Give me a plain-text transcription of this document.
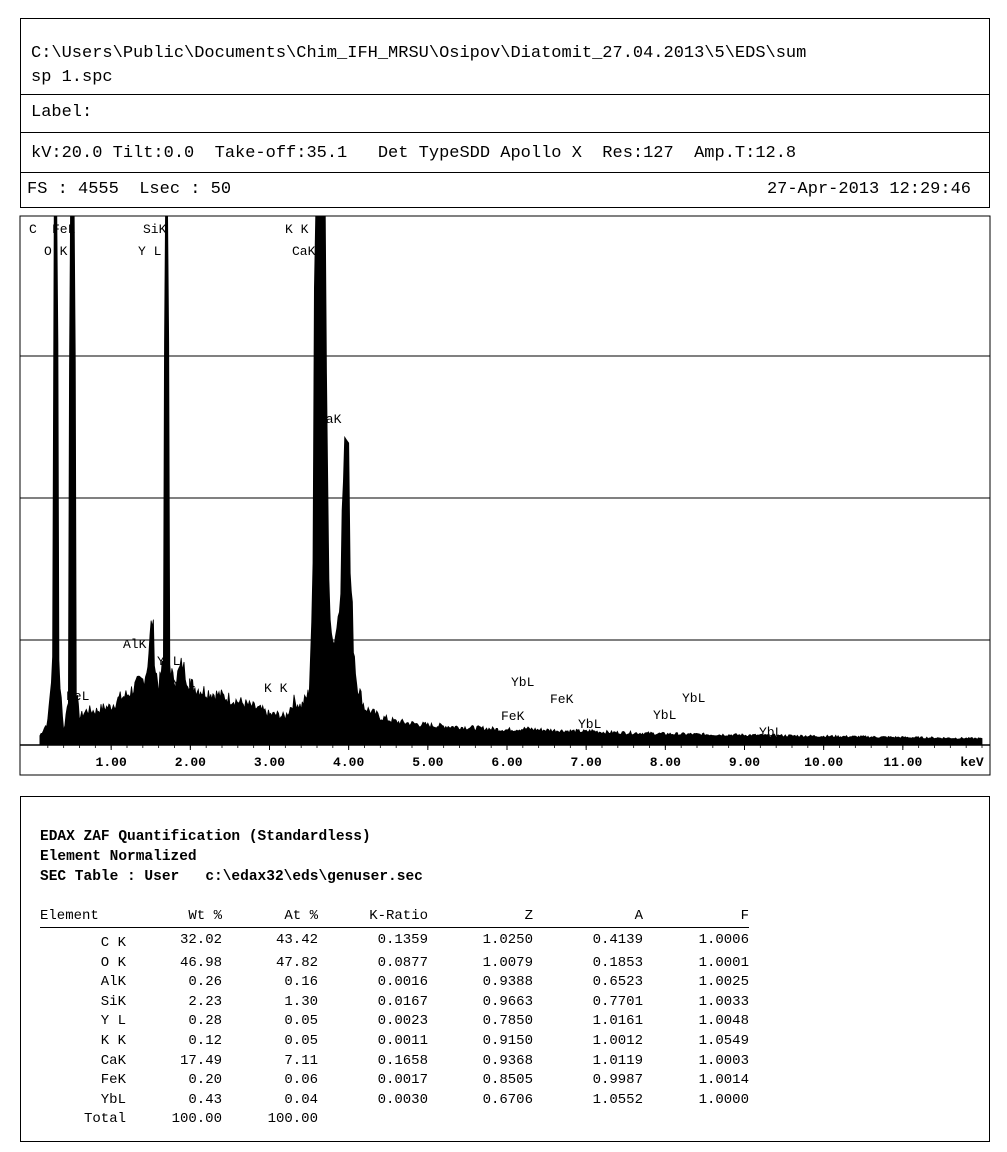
C:\Users\Public\Documents\Chim_IFH_MRSU\Osipov\Diatomit_27.04.2013\5\EDS\sum
sp 1.spc
Label:
kV:20.0 Tilt:0.0  Take-off:35.1   Det TypeSDD Apollo X  Res:127  Amp.T:12.8
FS : 4555  Lsec : 50	27-Apr-2013 12:29:46
C FeL
O K
SiK
Y L
K K
CaK
CaK
AlK
Y L
Y L
FeL
K K	YbL
FeK
FeK
YbL
YbL
YbL
YbL
1.00	2.00	3.00	4.00	5.00	6.00	7.00	8.00	9.00	10.00	11.00	keV
EDAX ZAF Quantification (Standardless)
Element Normalized
SEC Table : User   c:\edax32\eds\genuser.sec
Element	Wt %	At %	K-Ratio	Z	A	F
C K	32.02	43.42	0.1359	1.0250	0.4139	1.0006
O K	46.98	47.82	0.0877	1.0079	0.1853	1.0001
AlK	0.26	0.16	0.0016	0.9388	0.6523	1.0025
SiK	2.23	1.30	0.0167	0.9663	0.7701	1.0033
Y L	0.28	0.05	0.0023	0.7850	1.0161	1.0048
K K	0.12	0.05	0.0011	0.9150	1.0012	1.0549
CaK	17.49	7.11	0.1658	0.9368	1.0119	1.0003
FeK	0.20	0.06	0.0017	0.8505	0.9987	1.0014
YbL	0.43	0.04	0.0030	0.6706	1.0552	1.0000
Total	100.00	100.00				
